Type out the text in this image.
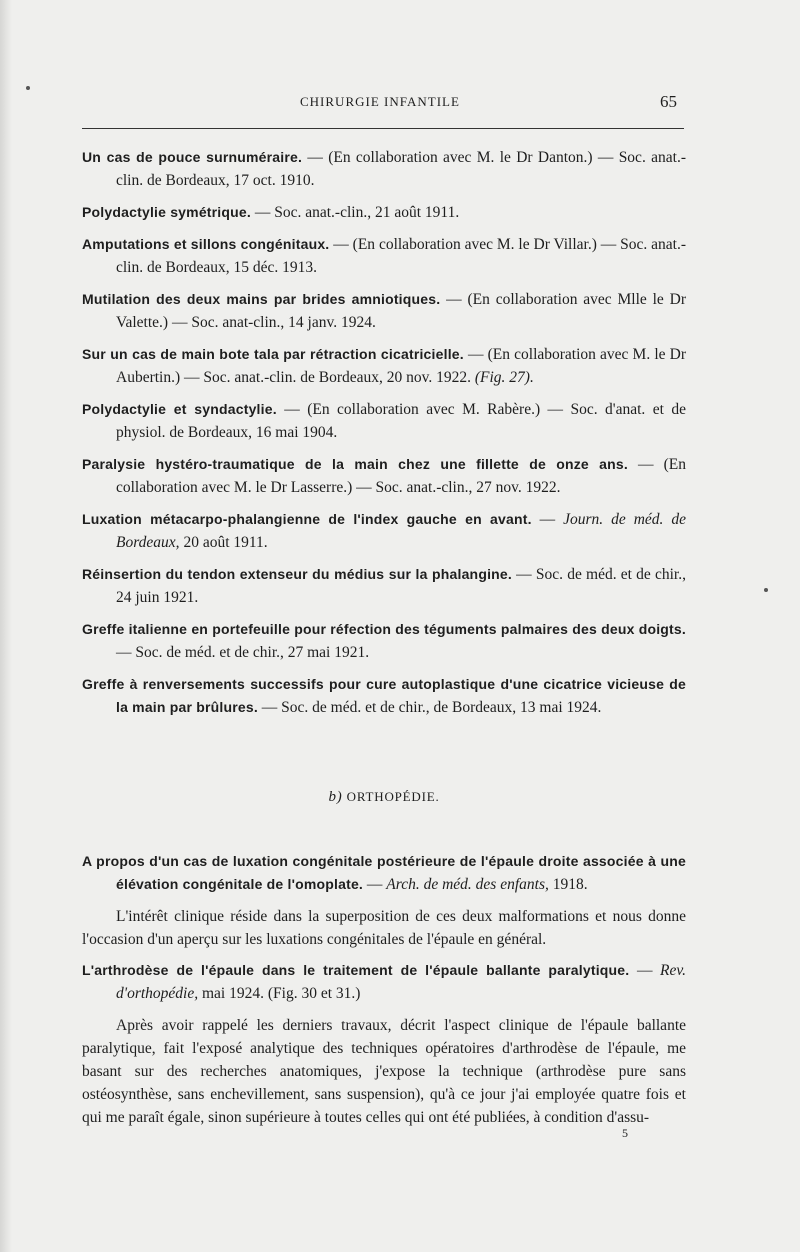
CHIRURGIE INFANTILE	65

Un cas de pouce surnuméraire. — (En collaboration avec M. le Dr Danton.) — Soc. anat.-clin. de Bordeaux, 17 oct. 1910.

Polydactylie symétrique. — Soc. anat.-clin., 21 août 1911.

Amputations et sillons congénitaux. — (En collaboration avec M. le Dr Villar.) — Soc. anat.-clin. de Bordeaux, 15 déc. 1913.

Mutilation des deux mains par brides amniotiques. — (En collaboration avec Mlle le Dr Valette.) — Soc. anat-clin., 14 janv. 1924.

Sur un cas de main bote tala par rétraction cicatricielle. — (En collaboration avec M. le Dr Aubertin.) — Soc. anat.-clin. de Bordeaux, 20 nov. 1922. (Fig. 27).

Polydactylie et syndactylie. — (En collaboration avec M. Rabère.) — Soc. d'anat. et de physiol. de Bordeaux, 16 mai 1904.

Paralysie hystéro-traumatique de la main chez une fillette de onze ans. — (En collaboration avec M. le Dr Lasserre.) — Soc. anat.-clin., 27 nov. 1922.

Luxation métacarpo-phalangienne de l'index gauche en avant. — Journ. de méd. de Bordeaux, 20 août 1911.

Réinsertion du tendon extenseur du médius sur la phalangine. — Soc. de méd. et de chir., 24 juin 1921.

Greffe italienne en portefeuille pour réfection des téguments palmaires des deux doigts. — Soc. de méd. et de chir., 27 mai 1921.

Greffe à renversements successifs pour cure autoplastique d'une cicatrice vicieuse de la main par brûlures. — Soc. de méd. et de chir., de Bordeaux, 13 mai 1924.

b) ORTHOPÉDIE.

A propos d'un cas de luxation congénitale postérieure de l'épaule droite associée à une élévation congénitale de l'omoplate. — Arch. de méd. des enfants, 1918.

L'intérêt clinique réside dans la superposition de ces deux malformations et nous donne l'occasion d'un aperçu sur les luxations congénitales de l'épaule en général.

L'arthrodèse de l'épaule dans le traitement de l'épaule ballante paralytique. — Rev. d'orthopédie, mai 1924. (Fig. 30 et 31.)

Après avoir rappelé les derniers travaux, décrit l'aspect clinique de l'épaule ballante paralytique, fait l'exposé analytique des techniques opératoires d'arthrodèse de l'épaule, me basant sur des recherches anatomiques, j'expose la technique (arthrodèse pure sans ostéosynthèse, sans enchevillement, sans suspension), qu'à ce jour j'ai employée quatre fois et qui me paraît égale, sinon supérieure à toutes celles qui ont été publiées, à condition d'assu-

5
